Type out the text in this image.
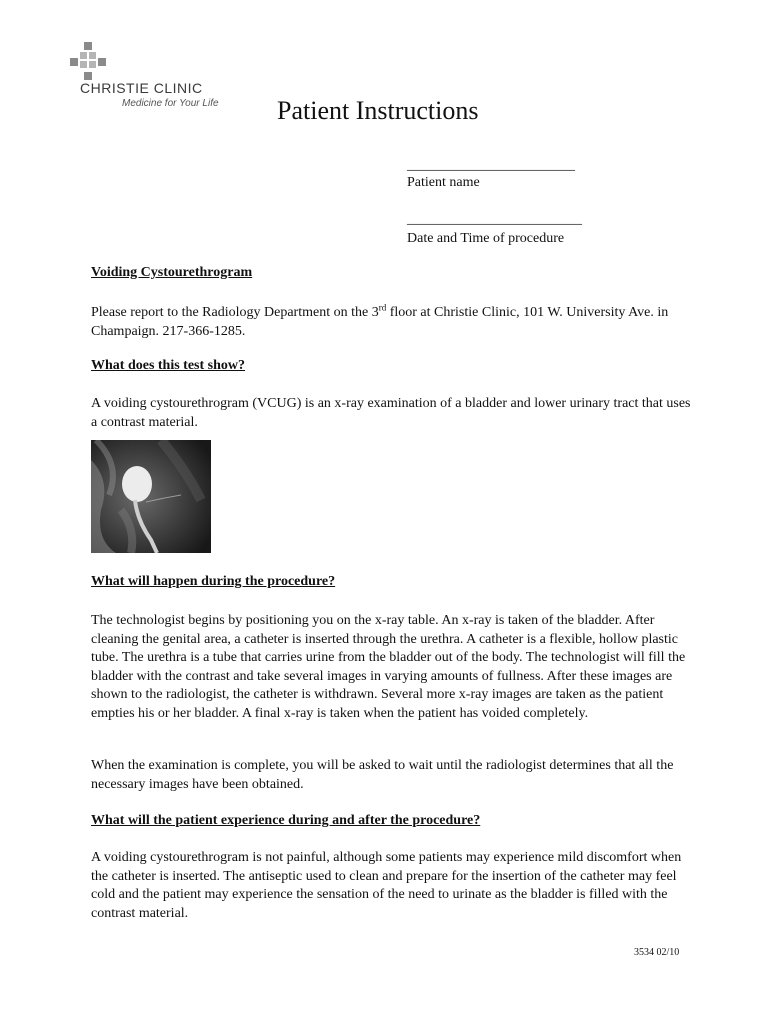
CHRISTIE CLINIC
Medicine for Your Life Patient Instructions
________________________
Patient name
_________________________
Date and Time of procedure
Voiding Cystourethrogram
Please report to the Radiology Department on the 3rd floor at Christie Clinic, 101 W. University Ave. in Champaign. 217-366-1285.
What does this test show?
A voiding cystourethrogram (VCUG) is an x-ray examination of a bladder and lower urinary tract that uses a contrast material.
What will happen during the procedure?
The technologist begins by positioning you on the x-ray table. An x-ray is taken of the bladder. After cleaning the genital area, a catheter is inserted through the urethra. A catheter is a flexible, hollow plastic tube. The urethra is a tube that carries urine from the bladder out of the body. The technologist will fill the bladder with the contrast and take several images in varying amounts of fullness. After these images are shown to the radiologist, the catheter is withdrawn. Several more x-ray images are taken as the patient empties his or her bladder. A final x-ray is taken when the patient has voided completely.
When the examination is complete, you will be asked to wait until the radiologist determines that all the necessary images have been obtained.
What will the patient experience during and after the procedure?
A voiding cystourethrogram is not painful, although some patients may experience mild discomfort when the catheter is inserted. The antiseptic used to clean and prepare for the insertion of the catheter may feel cold and the patient may experience the sensation of the need to urinate as the bladder is filled with the contrast material.
3534 02/10
